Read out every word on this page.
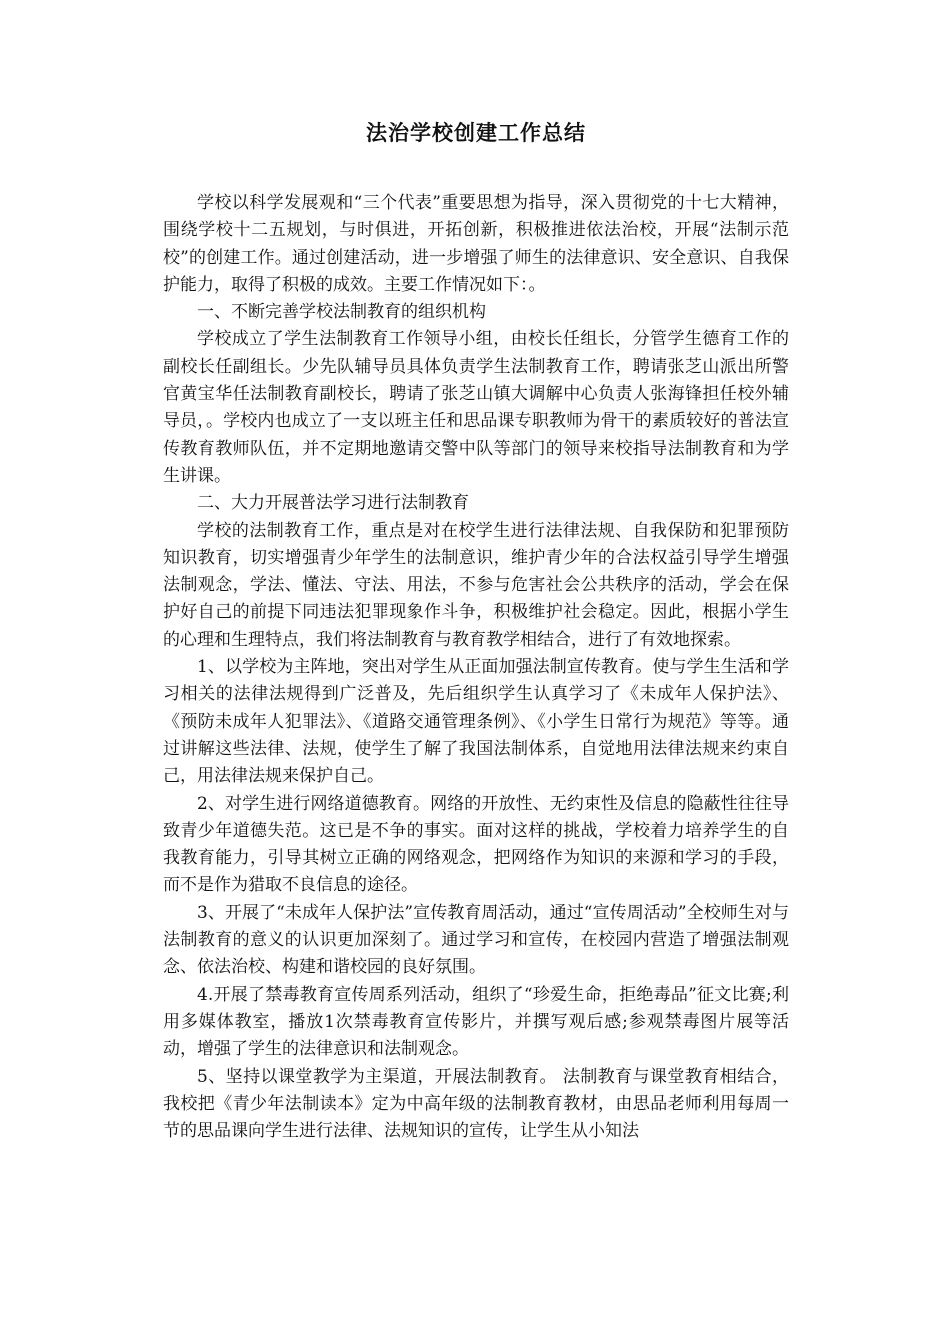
法治学校创建工作总结

学校以科学发展观和“三个代表”重要思想为指导，深入贯彻党的十七大精神，围绕学校十二五规划，与时俱进，开拓创新，积极推进依法治校，开展“法制示范校”的创建工作。通过创建活动，进一步增强了师生的法律意识、安全意识、自我保护能力，取得了积极的成效。主要工作情况如下：。

一、不断完善学校法制教育的组织机构

学校成立了学生法制教育工作领导小组，由校长任组长，分管学生德育工作的副校长任副组长。少先队辅导员具体负责学生法制教育工作，聘请张芝山派出所警官黄宝华任法制教育副校长，聘请了张芝山镇大调解中心负责人张海锋担任校外辅导员，。学校内也成立了一支以班主任和思品课专职教师为骨干的素质较好的普法宣传教育教师队伍，并不定期地邀请交警中队等部门的领导来校指导法制教育和为学生讲课。

二、大力开展普法学习进行法制教育

学校的法制教育工作，重点是对在校学生进行法律法规、自我保防和犯罪预防知识教育，切实增强青少年学生的法制意识，维护青少年的合法权益引导学生增强法制观念，学法、懂法、守法、用法，不参与危害社会公共秩序的活动，学会在保护好自己的前提下同违法犯罪现象作斗争，积极维护社会稳定。因此，根据小学生的心理和生理特点，我们将法制教育与教育教学相结合，进行了有效地探索。

1、以学校为主阵地，突出对学生从正面加强法制宣传教育。使与学生生活和学习相关的法律法规得到广泛普及，先后组织学生认真学习了《未成年人保护法》、《预防未成年人犯罪法》、《道路交通管理条例》、《小学生日常行为规范》等等。通过讲解这些法律、法规，使学生了解了我国法制体系，自觉地用法律法规来约束自己，用法律法规来保护自己。

2、对学生进行网络道德教育。网络的开放性、无约束性及信息的隐蔽性往往导致青少年道德失范。这已是不争的事实。面对这样的挑战，学校着力培养学生的自我教育能力，引导其树立正确的网络观念，把网络作为知识的来源和学习的手段，而不是作为猎取不良信息的途径。

3、开展了“未成年人保护法”宣传教育周活动，通过“宣传周活动”全校师生对与法制教育的意义的认识更加深刻了。通过学习和宣传，在校园内营造了增强法制观念、依法治校、构建和谐校园的良好氛围。

4.开展了禁毒教育宣传周系列活动，组织了“珍爱生命，拒绝毒品”征文比赛;利用多媒体教室，播放1次禁毒教育宣传影片，并撰写观后感;参观禁毒图片展等活动，增强了学生的法律意识和法制观念。

5、坚持以课堂教学为主渠道，开展法制教育。 法制教育与课堂教育相结合，我校把《青少年法制读本》定为中高年级的法制教育教材，由思品老师利用每周一节的思品课向学生进行法律、法规知识的宣传，让学生从小知法
